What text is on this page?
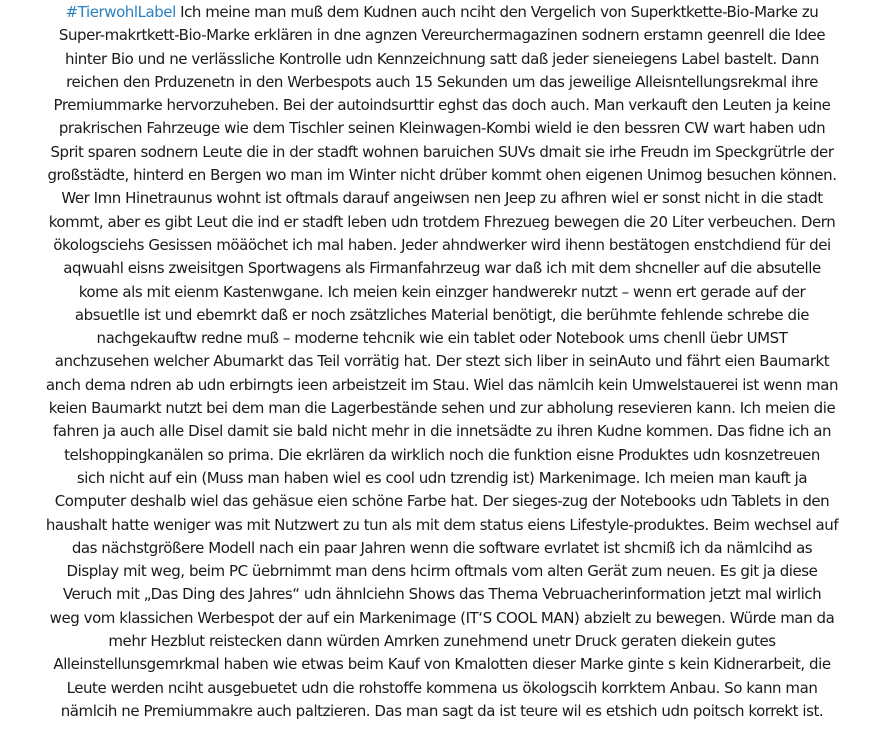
#TierwohlLabel Ich meine man muß dem Kudnen auch nciht den Vergelich von Superktkette-Bio-Marke zu
Super-makrtkett-Bio-Marke erklären in dne agnzen Vereurchermagazinen sodnern erstamn geenrell die Idee
hinter Bio und ne verlässliche Kontrolle udn Kennzeichnung satt daß jeder sieneiegens Label bastelt. Dann
reichen den Prduzenetn in den Werbespots auch 15 Sekunden um das jeweilige Alleisntellungsrekmal ihre
Premiummarke hervorzuheben. Bei der autoindsurttir eghst das doch auch. Man verkauft den Leuten ja keine
prakrischen Fahrzeuge wie dem Tischler seinen Kleinwagen-Kombi wield ie den bessren CW wart haben udn
Sprit sparen sodnern Leute die in der stadft wohnen baruichen SUVs dmait sie irhe Freudn im Speckgrütrle der
großstädte, hinterd en Bergen wo man im Winter nicht drüber kommt ohen eigenen Unimog besuchen können.
Wer Imn Hinetraunus wohnt ist oftmals darauf angeiwsen nen Jeep zu afhren wiel er sonst nicht in die stadt
kommt, aber es gibt Leut die ind er stadft leben udn trotdem Fhrezueg bewegen die 20 Liter verbeuchen. Dern
ökologsciehs Gesissen möäöchet ich mal haben. Jeder ahndwerker wird ihenn bestätogen enstchdiend für dei
aqwuahl eisns zweisitgen Sportwagens als Firmanfahrzeug war daß ich mit dem shcneller auf die absutelle
kome als mit eienm Kastenwgane. Ich meien kein einzger handwerekr nutzt – wenn ert gerade auf der
absuetlle ist und ebemrkt daß er noch zsätzliches Material benötigt, die berühmte fehlende schrebe die
nachgekauftw redne muß – moderne tehcnik wie ein tablet oder Notebook ums chenll üebr UMST
anchzusehen welcher Abumarkt das Teil vorrätig hat. Der stezt sich liber in seinAuto und fährt eien Baumarkt
anch dema ndren ab udn erbirngts ieen arbeistzeit im Stau. Wiel das nämlcih kein Umwelstauerei ist wenn man
keien Baumarkt nutzt bei dem man die Lagerbestände sehen und zur abholung resevieren kann. Ich meien die
fahren ja auch alle Disel damit sie bald nicht mehr in die innetsädte zu ihren Kudne kommen. Das fidne ich an
telshoppingkanälen so prima. Die ekrlären da wirklich noch die funktion eisne Produktes udn kosnzetreuen
sich nicht auf ein (Muss man haben wiel es cool udn tzrendig ist) Markenimage. Ich meien man kauft ja
Computer deshalb wiel das gehäsue eien schöne Farbe hat. Der sieges-zug der Notebooks udn Tablets in den
haushalt hatte weniger was mit Nutzwert zu tun als mit dem status eiens Lifestyle-produktes. Beim wechsel auf
das nächstgrößere Modell nach ein paar Jahren wenn die software evrlatet ist shcmiß ich da nämlcihd as
Display mit weg, beim PC üebrnimmt man dens hcirm oftmals vom alten Gerät zum neuen. Es git ja diese
Veruch mit „Das Ding des Jahres“ udn ähnlciehn Shows das Thema Vebruacherinformation jetzt mal wirlich
weg vom klassichen Werbespot der auf ein Markenimage (IT‘S COOL MAN) abzielt zu bewegen. Würde man da
mehr Hezblut reistecken dann würden Amrken zunehmend unetr Druck geraten diekein gutes
Alleinstellunsgemrkmal haben wie etwas beim Kauf von Kmalotten dieser Marke ginte s kein Kidnerarbeit, die
Leute werden nciht ausgebuetet udn die rohstoffe kommena us ökologscih korrktem Anbau. So kann man
nämlcih ne Premiummakre auch paltzieren. Das man sagt da ist teure wil es etshich udn poitsch korrekt ist.
